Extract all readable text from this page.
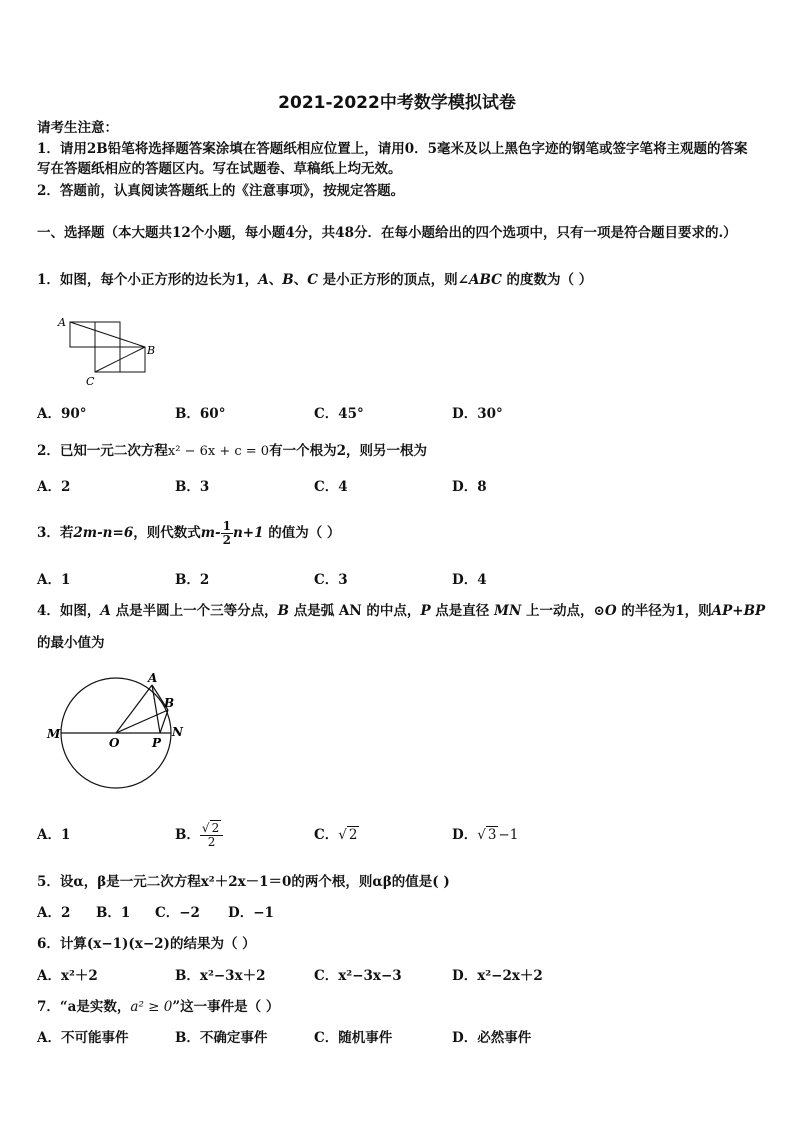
2021-2022中考数学模拟试卷
请考生注意：
1．请用2B铅笔将选择题答案涂填在答题纸相应位置上，请用0．5毫米及以上黑色字迹的钢笔或签字笔将主观题的答案写在答题纸相应的答题区内。写在试题卷、草稿纸上均无效。
2．答题前，认真阅读答题纸上的《注意事项》，按规定答题。
一、选择题（本大题共12个小题，每小题4分，共48分．在每小题给出的四个选项中，只有一项是符合题目要求的.）
1．如图，每个小正方形的边长为1，A、B、C 是小正方形的顶点，则∠ABC 的度数为（ ）
A
B
C
A．90°	B．60°	C．45°	D．30°
2．已知一元二次方程x² − 6x + c = 0有一个根为2，则另一根为
A．2	B．3	C．4	D．8
3．若2m-n=6，则代数式$m- \frac{1}{2} n+1$ 的值为（ ）
A．1	B．2	C．3	D．4
4．如图，A 点是半圆上一个三等分点，B 点是弧 AN 的中点，P 点是直径 MN 上一动点，⊙O 的半径为1，则AP+BP
的最小值为
M
O	P
N
A
B
A．1	B． $\frac{√ 2}{2}$	C．√ 2	D．√ 3 −1
5．设α，β是一元二次方程x²＋2x－1＝0的两个根，则αβ的值是( )
A．2 B．1 C．−2 D．−1
6．计算(x−1)(x−2)的结果为（ ）
A．x²＋2	B．x²−3x＋2	C．x²−3x−3	D．x²−2x＋2
7．“a是实数，a² ≥ 0”这一事件是（ ）
A．不可能事件	B．不确定事件	C．随机事件	D．必然事件
